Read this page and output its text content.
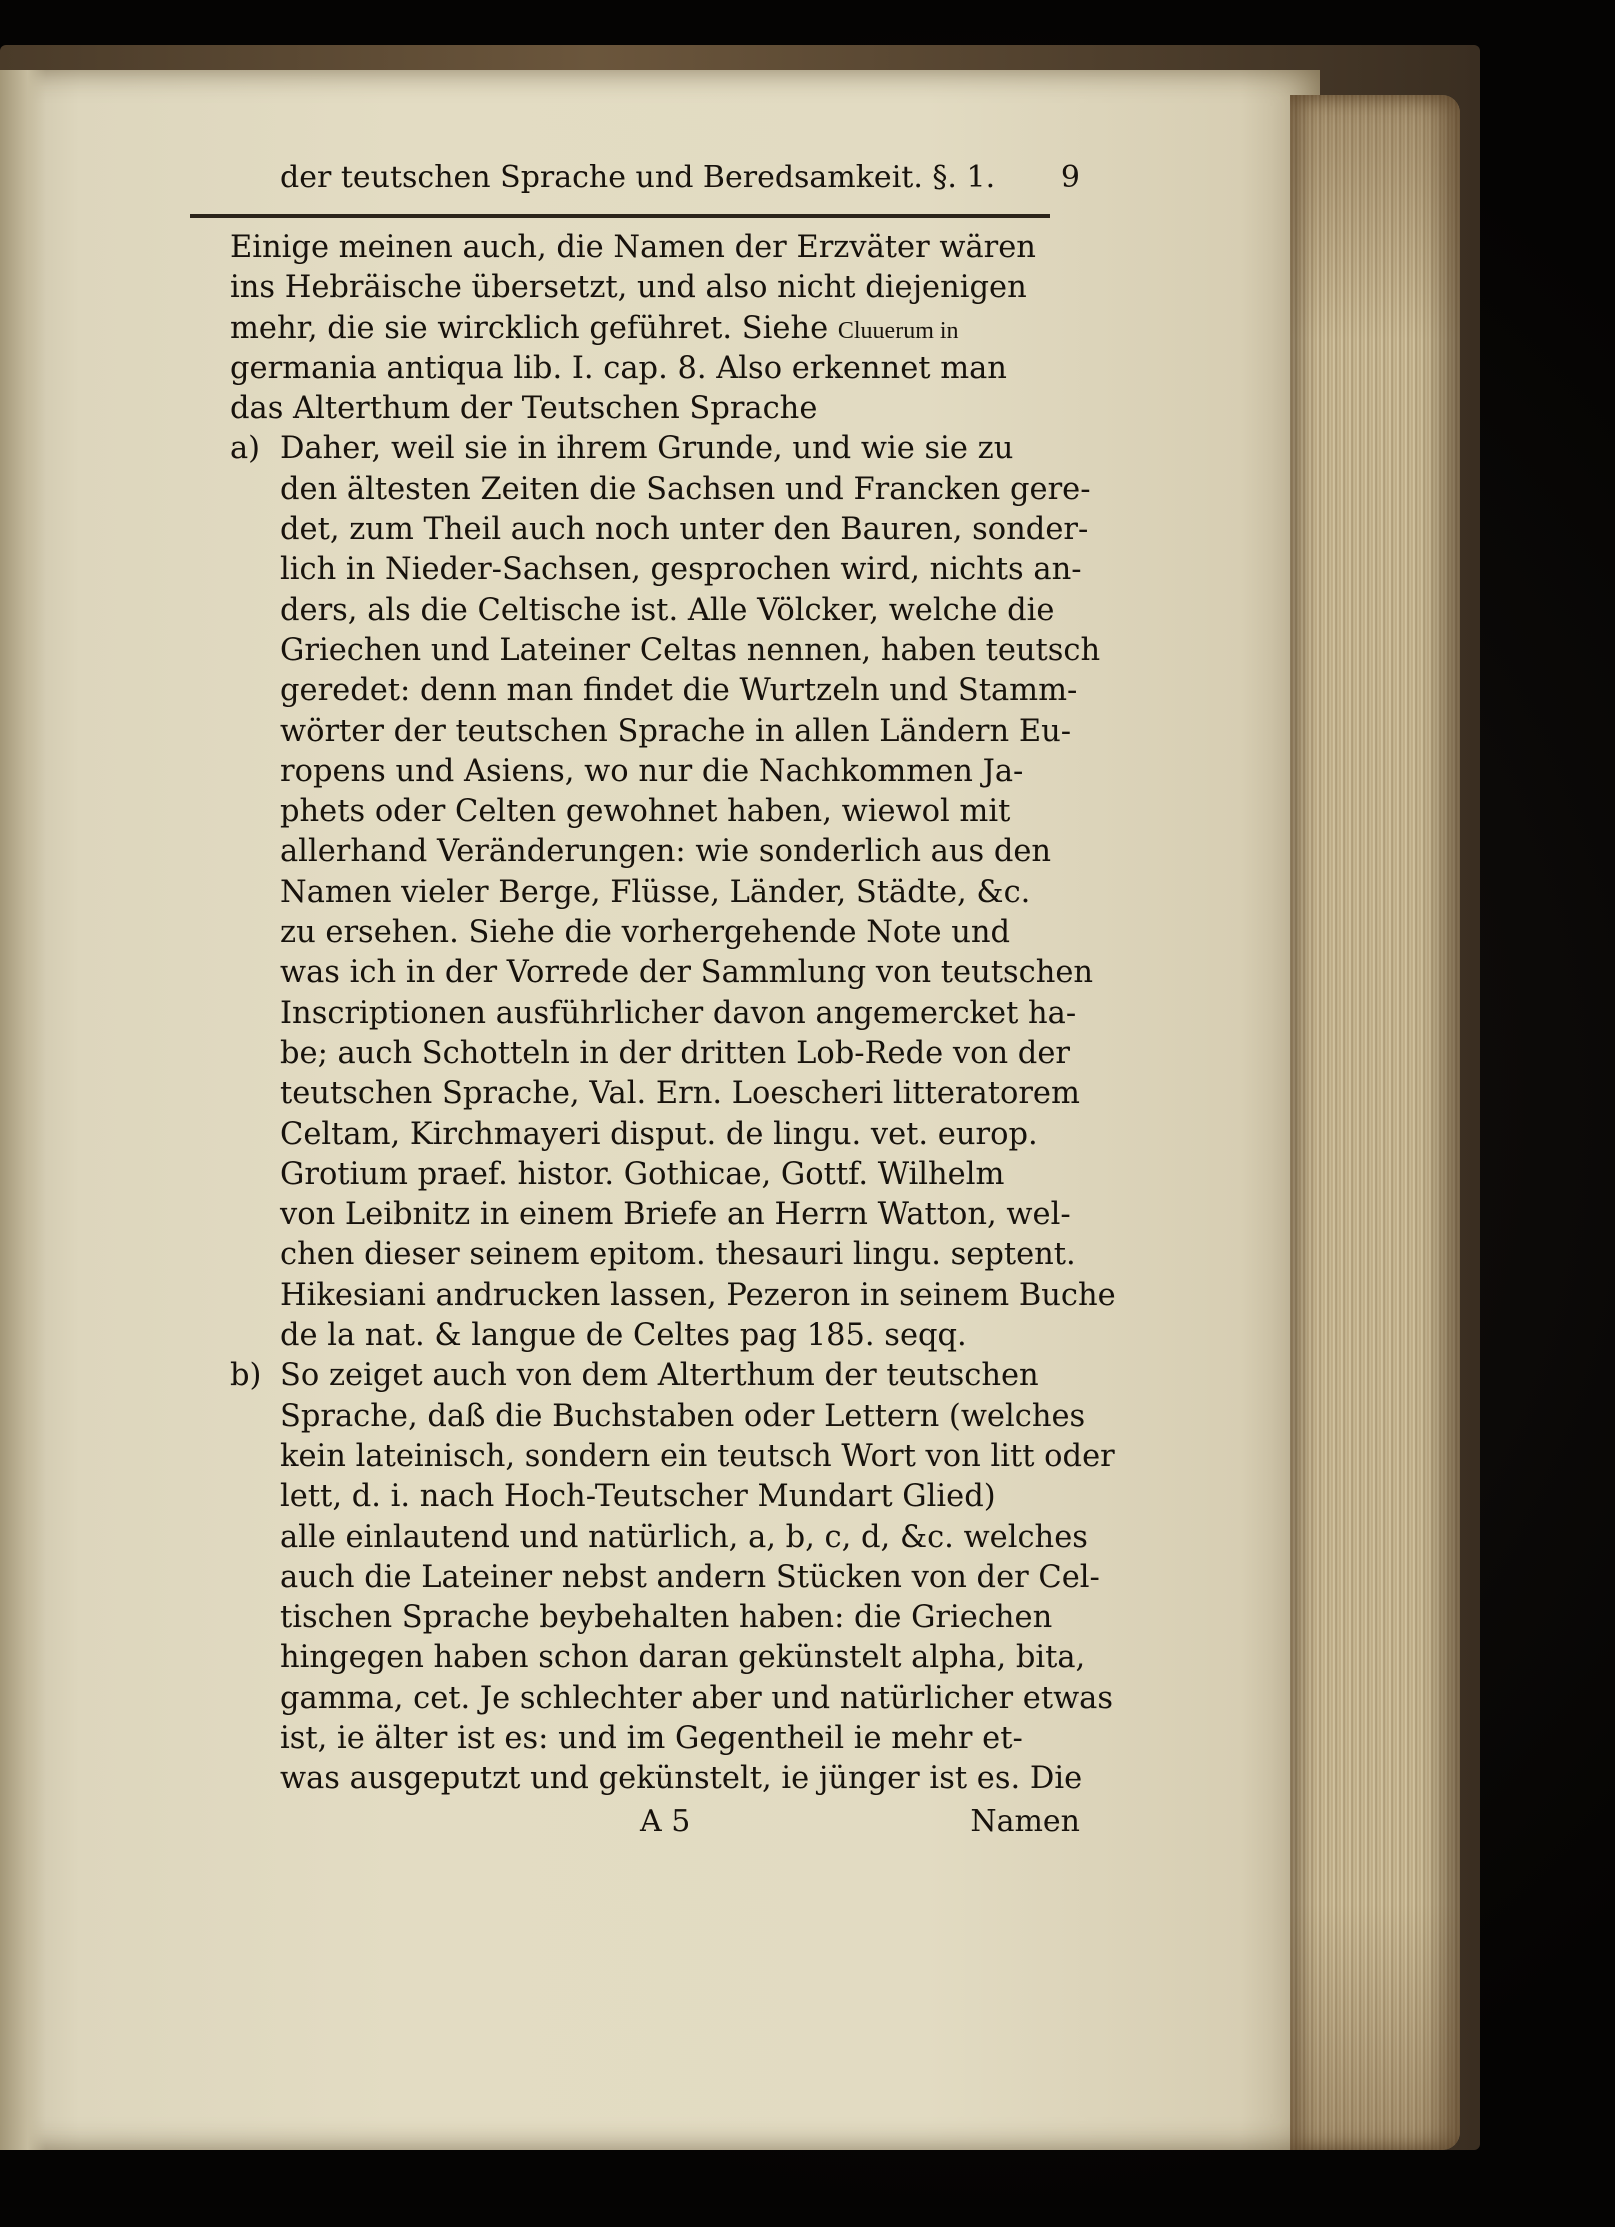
der teutschen Sprache und Beredsamkeit. §. 1. 9
Einige meinen auch, die Namen der Erzväter wären
ins Hebräische übersetzt, und also nicht diejenigen
mehr, die sie wircklich geführet. Siehe Cluuerum in
germania antiqua lib. I. cap. 8. Also erkennet man
das Alterthum der Teutschen Sprache
a) Daher, weil sie in ihrem Grunde, und wie sie zu
den ältesten Zeiten die Sachsen und Francken gere-
det, zum Theil auch noch unter den Bauren, sonder-
lich in Nieder-Sachsen, gesprochen wird, nichts an-
ders, als die Celtische ist. Alle Völcker, welche die
Griechen und Lateiner Celtas nennen, haben teutsch
geredet: denn man findet die Wurtzeln und Stamm-
wörter der teutschen Sprache in allen Ländern Eu-
ropens und Asiens, wo nur die Nachkommen Ja-
phets oder Celten gewohnet haben, wiewol mit
allerhand Veränderungen: wie sonderlich aus den
Namen vieler Berge, Flüsse, Länder, Städte, &c.
zu ersehen. Siehe die vorhergehende Note und
was ich in der Vorrede der Sammlung von teutschen
Inscriptionen ausführlicher davon angemercket ha-
be; auch Schotteln in der dritten Lob-Rede von der
teutschen Sprache, Val. Ern. Loescheri litteratorem
Celtam, Kirchmayeri disput. de lingu. vet. europ.
Grotium praef. histor. Gothicae, Gottf. Wilhelm
von Leibnitz in einem Briefe an Herrn Watton, wel-
chen dieser seinem epitom. thesauri lingu. septent.
Hikesiani andrucken lassen, Pezeron in seinem Buche
de la nat. & langue de Celtes pag 185. seqq.
b) So zeiget auch von dem Alterthum der teutschen
Sprache, daß die Buchstaben oder Lettern (welches
kein lateinisch, sondern ein teutsch Wort von litt oder
lett, d. i. nach Hoch-Teutscher Mundart Glied)
alle einlautend und natürlich, a, b, c, d, &c. welches
auch die Lateiner nebst andern Stücken von der Cel-
tischen Sprache beybehalten haben: die Griechen
hingegen haben schon daran gekünstelt alpha, bita,
gamma, cet. Je schlechter aber und natürlicher etwas
ist, ie älter ist es: und im Gegentheil ie mehr et-
was ausgeputzt und gekünstelt, ie jünger ist es. Die
A 5	Namen
